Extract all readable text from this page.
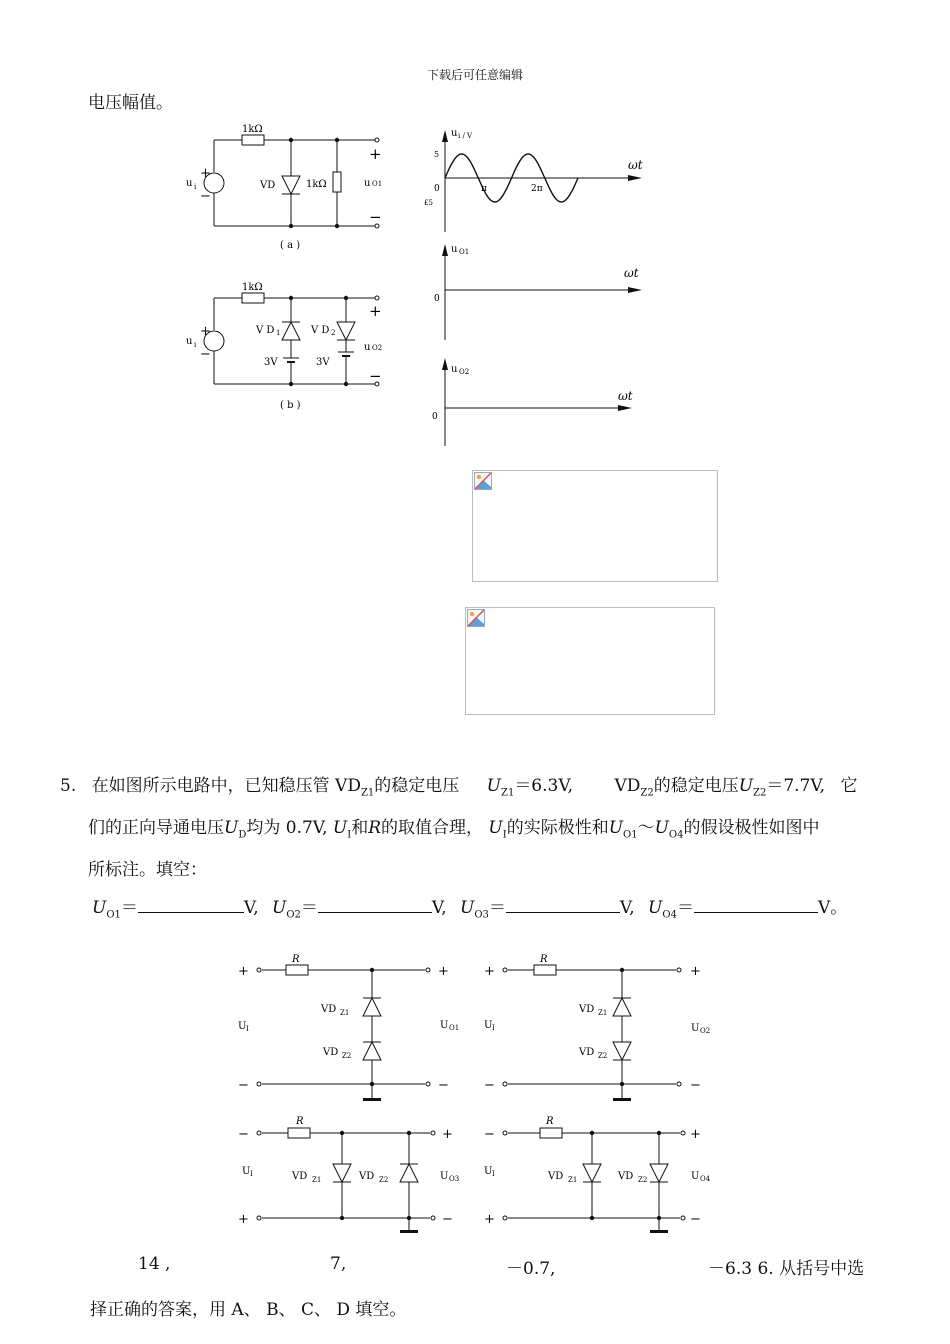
下载后可任意编辑
电压幅值。
1kΩ
VD	1kΩ
u i
+
−
+
−
u O1
( a )
1kΩ
V D 1	V D 2
3V	3V
u i
+
−
+
−
u O2
( b )
u i / V
5
0
£5
π	2π
ωt
u O1
0
ωt
u O2
0
ωt
5. 在如图所示电路中，已知稳压管 $VD_{Z1}$的稳定电压 $U_{Z1}=6.3V$, $VD_{Z2}$的稳定电压$U_{Z2}=7.7V$, 它
们的正向导通电压$U_D$均为 0.7V, $U_I$和R的取值合理， $U_I$的实际极性和$U_{O1}\sim U_{O4}$的假设极性如图中
所标注。填空：
$U_{O1}=$	V, $U_{O2}=$	V, $U_{O3}=$	V, $U_{O4}=$	V。
R
+
−
+
−
U I
VD Z1
VD Z2
U O1
R
+
−
+
−
U I
VD Z1
VD Z2
U O2
R
−
+
+
−
U I	VD Z1	VD Z2	U O3
R
−
+
+
−
U I	VD Z1	VD Z2	U O4
14 ,	7,	－0.7,	－6.3 6. 从括号中选
择正确的答案，用 A、 B、 C、 D 填空。
